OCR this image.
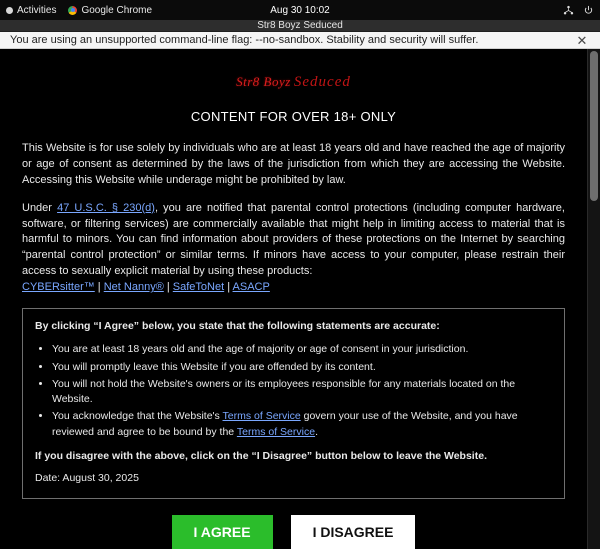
Activities	Google Chrome	Aug 30 10:02
Str8 Boyz Seduced
You are using an unsupported command-line flag: --no-sandbox. Stability and security will suffer.	✕
Str8 Boyz Seduced
CONTENT FOR OVER 18+ ONLY

This Website is for use solely by individuals who are at least 18 years old and have reached the age of majority or age of consent as determined by the laws of the jurisdiction from which they are accessing the Website. Accessing this Website while underage might be prohibited by law.

Under 47 U.S.C. § 230(d), you are notified that parental control protections (including computer hardware, software, or filtering services) are commercially available that might help in limiting access to material that is harmful to minors. You can find information about providers of these protections on the Internet by searching “parental control protection” or similar terms. If minors have access to your computer, please restrain their access to sexually explicit material by using these products:
CYBERsitter™ | Net Nanny® | SafeToNet | ASACP

By clicking “I Agree” below, you state that the following statements are accurate:

• You are at least 18 years old and the age of majority or age of consent in your jurisdiction.
• You will promptly leave this Website if you are offended by its content.
• You will not hold the Website's owners or its employees responsible for any materials located on the Website.
• You acknowledge that the Website's Terms of Service govern your use of the Website, and you have reviewed and agree to be bound by the Terms of Service.

If you disagree with the above, click on the “I Disagree” button below to leave the Website.

Date: August 30, 2025

I AGREE	I DISAGREE
